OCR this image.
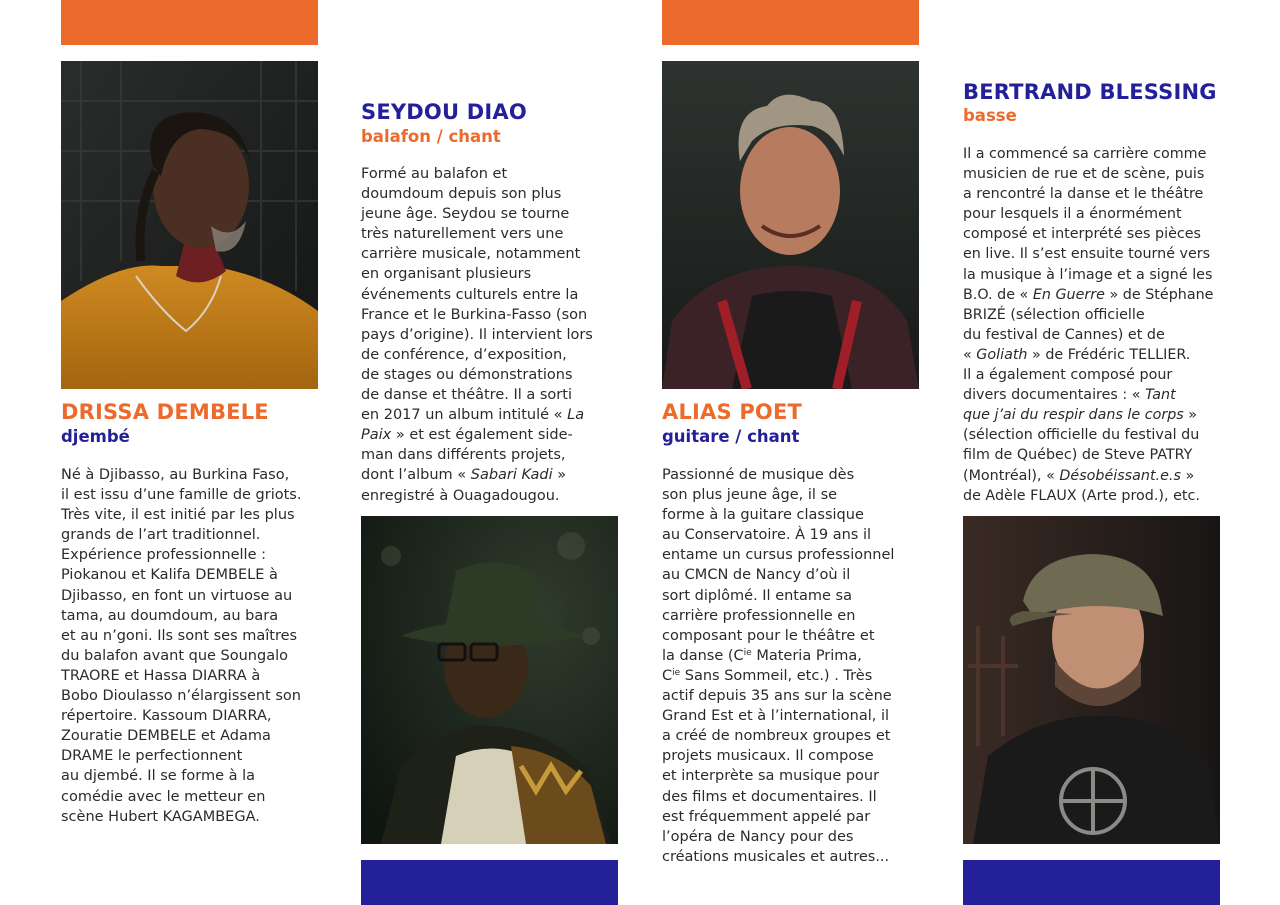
DRISSA DEMBELE
djembé

Né à Djibasso, au Burkina Faso,
il est issu d’une famille de griots.
Très vite, il est initié par les plus
grands de l’art traditionnel.
Expérience professionnelle :
Piokanou et Kalifa DEMBELE à
Djibasso, en font un virtuose au
tama, au doumdoum, au bara
et au n’goni. Ils sont ses maîtres
du balafon avant que Soungalo
TRAORE et Hassa DIARRA à
Bobo Dioulasso n’élargissent son
répertoire. Kassoum DIARRA,
Zouratie DEMBELE et Adama
DRAME le perfectionnent
au djembé. Il se forme à la
comédie avec le metteur en
scène Hubert KAGAMBEGA.

SEYDOU DIAO
balafon / chant

Formé au balafon et
doumdoum depuis son plus
jeune âge. Seydou se tourne
très naturellement vers une
carrière musicale, notamment
en organisant plusieurs
événements culturels entre la
France et le Burkina-Fasso (son
pays d’origine). Il intervient lors
de conférence, d’exposition,
de stages ou démonstrations
de danse et théâtre. Il a sorti
en 2017 un album intitulé « La
Paix » et est également side-
man dans différents projets,
dont l’album « Sabari Kadi »
enregistré à Ouagadougou.

ALIAS POET
guitare / chant

Passionné de musique dès
son plus jeune âge, il se
forme à la guitare classique
au Conservatoire. À 19 ans il
entame un cursus professionnel
au CMCN de Nancy d’où il
sort diplômé. Il entame sa
carrière professionnelle en
composant pour le théâtre et
la danse ($C^{ie}$ Materia Prima,
$C^{ie}$ Sans Sommeil, etc.) . Très
actif depuis 35 ans sur la scène
Grand Est et à l’international, il
a créé de nombreux groupes et
projets musicaux. Il compose
et interprète sa musique pour
des films et documentaires. Il
est fréquemment appelé par
l’opéra de Nancy pour des
créations musicales et autres...

BERTRAND BLESSING
basse

Il a commencé sa carrière comme
musicien de rue et de scène, puis
a rencontré la danse et le théâtre
pour lesquels il a énormément
composé et interprété ses pièces
en live. Il s’est ensuite tourné vers
la musique à l’image et a signé les
B.O. de « En Guerre » de Stéphane
BRIZÉ (sélection officielle
du festival de Cannes) et de
« Goliath » de Frédéric TELLIER.
Il a également composé pour
divers documentaires : « Tant
que j’ai du respir dans le corps »
(sélection officielle du festival du
film de Québec) de Steve PATRY
(Montréal), « Désobéissant.e.s »
de Adèle FLAUX (Arte prod.), etc.
